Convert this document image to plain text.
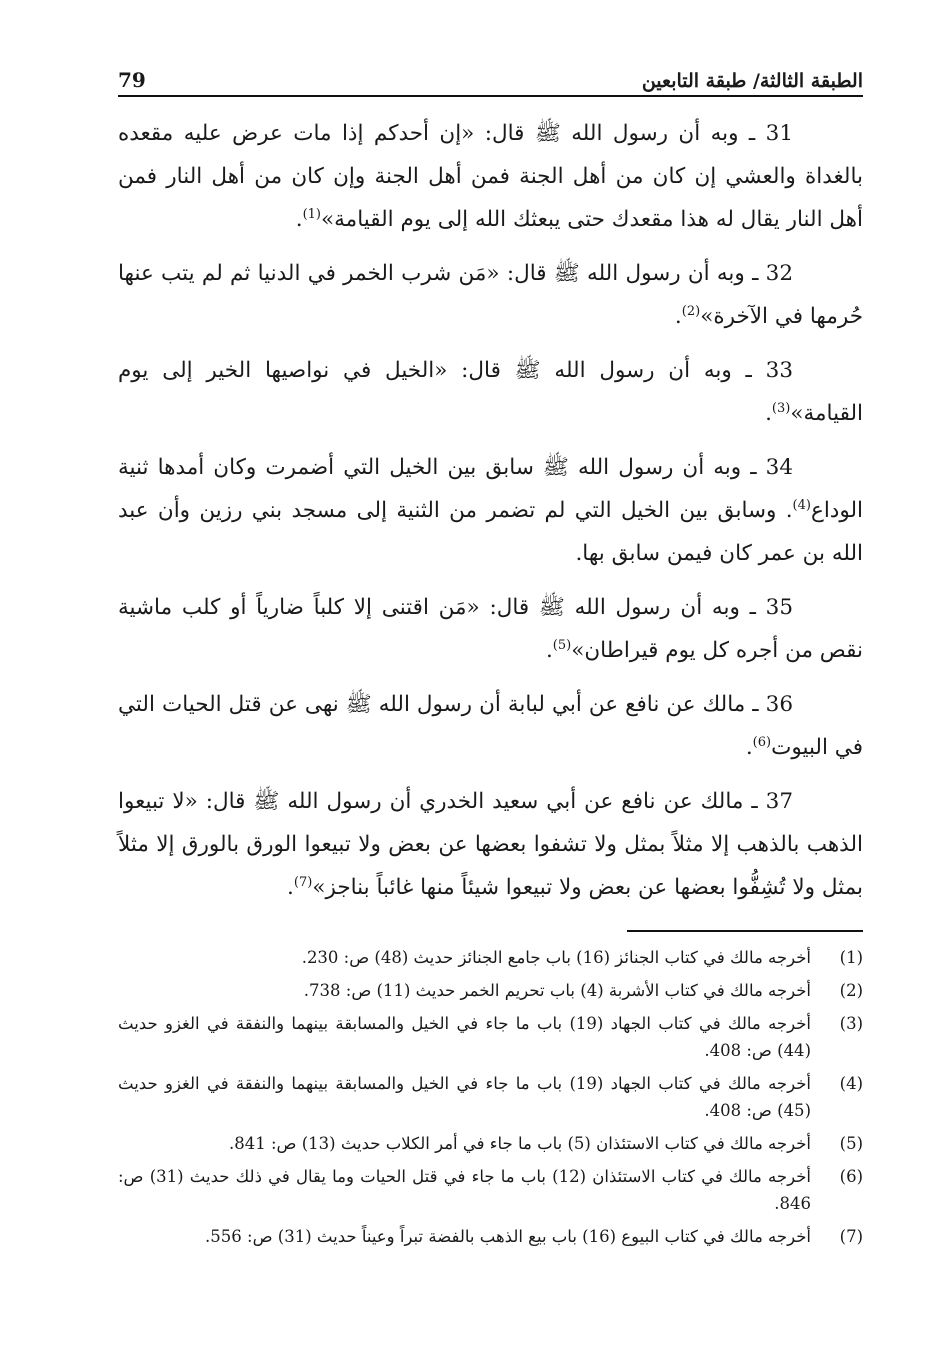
79	الطبقة الثالثة/ طبقة التابعين

31 ـ وبه أن رسول الله ﷺ قال: «إن أحدكم إذا مات عرض عليه مقعده بالغداة والعشي إن كان من أهل الجنة فمن أهل الجنة وإن كان من أهل النار فمن أهل النار يقال له هذا مقعدك حتى يبعثك الله إلى يوم القيامة»$^{(1)}$.

32 ـ وبه أن رسول الله ﷺ قال: «مَن شرب الخمر في الدنيا ثم لم يتب عنها حُرمها في الآخرة»$^{(2)}$.

33 ـ وبه أن رسول الله ﷺ قال: «الخيل في نواصيها الخير إلى يوم القيامة»$^{(3)}$.

34 ـ وبه أن رسول الله ﷺ سابق بين الخيل التي أضمرت وكان أمدها ثنية الوداع$^{(4)}$. وسابق بين الخيل التي لم تضمر من الثنية إلى مسجد بني رزين وأن عبد الله بن عمر كان فيمن سابق بها.

35 ـ وبه أن رسول الله ﷺ قال: «مَن اقتنى إلا كلباً ضارياً أو كلب ماشية نقص من أجره كل يوم قيراطان»$^{(5)}$.

36 ـ مالك عن نافع عن أبي لبابة أن رسول الله ﷺ نهى عن قتل الحيات التي في البيوت$^{(6)}$.

37 ـ مالك عن نافع عن أبي سعيد الخدري أن رسول الله ﷺ قال: «لا تبيعوا الذهب بالذهب إلا مثلاً بمثل ولا تشفوا بعضها عن بعض ولا تبيعوا الورق بالورق إلا مثلاً بمثل ولا تُشِفُّوا بعضها عن بعض ولا تبيعوا شيئاً منها غائباً بناجز»$^{(7)}$.

(1)
أخرجه مالك في كتاب الجنائز (16) باب جامع الجنائز حديث (48) ص: 230.
(2)
أخرجه مالك في كتاب الأشربة (4) باب تحريم الخمر حديث (11) ص: 738.
(3)
أخرجه مالك في كتاب الجهاد (19) باب ما جاء في الخيل والمسابقة بينهما والنفقة في الغزو حديث (44) ص: 408.
(4)
أخرجه مالك في كتاب الجهاد (19) باب ما جاء في الخيل والمسابقة بينهما والنفقة في الغزو حديث (45) ص: 408.
(5)
أخرجه مالك في كتاب الاستئذان (5) باب ما جاء في أمر الكلاب حديث (13) ص: 841.
(6)
أخرجه مالك في كتاب الاستئذان (12) باب ما جاء في قتل الحيات وما يقال في ذلك حديث (31) ص: 846.
(7)
أخرجه مالك في كتاب البيوع (16) باب بيع الذهب بالفضة تبراً وعيناً حديث (31) ص: 556.
